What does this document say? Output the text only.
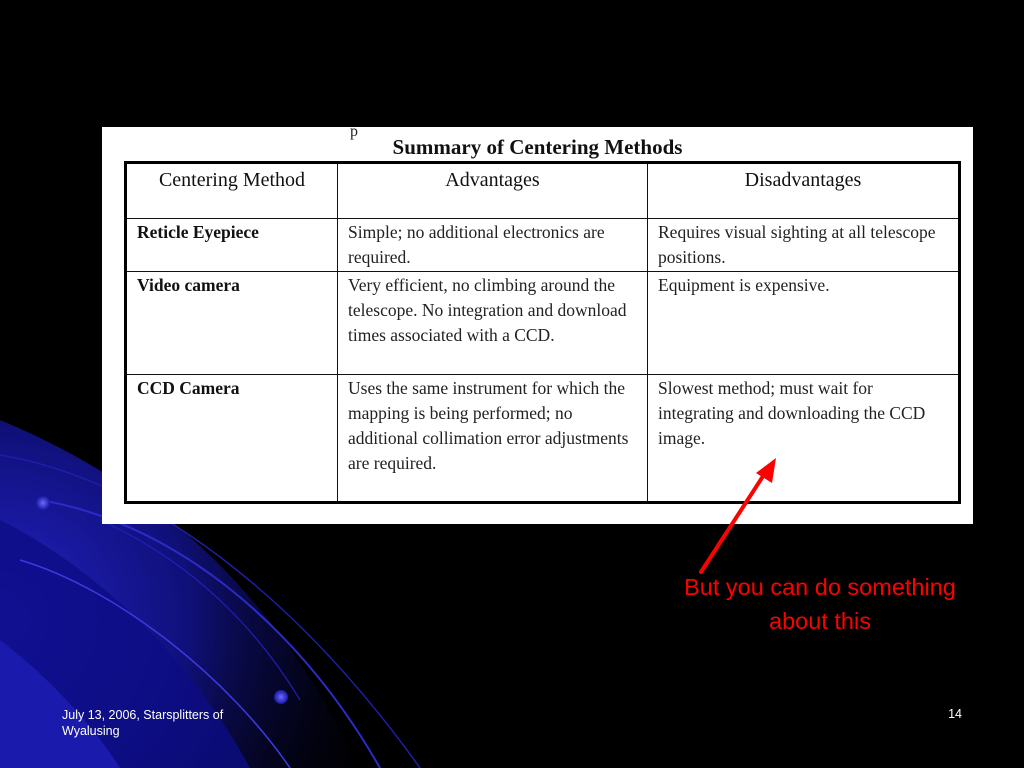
p
Summary of Centering Methods
Centering Method	Advantages	Disadvantages
Reticle Eyepiece	Simple; no additional electronics are required.	Requires visual sighting at all telescope positions.
Video camera	Very efficient, no climbing around the telescope. No integration and download times associated with a CCD.	Equipment is expensive.
CCD Camera	Uses the same instrument for which the mapping is being performed; no additional collimation error adjustments are required.	Slowest method; must wait for integrating and downloading the CCD image.
But you can do something about this
July 13, 2006, Starsplitters of Wyalusing
14
